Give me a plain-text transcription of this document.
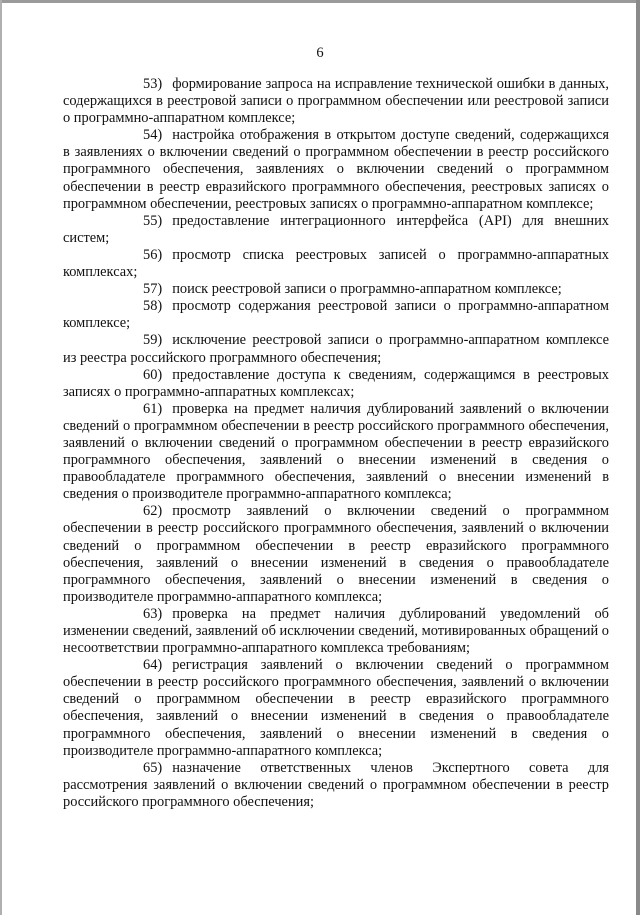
6

53) формирование запроса на исправление технической ошибки в данных, содержащихся в реестровой записи о программном обеспечении или реестровой записи о программно-аппаратном комплексе;

54) настройка отображения в открытом доступе сведений, содержащихся в заявлениях о включении сведений о программном обеспечении в реестр российского программного обеспечения, заявлениях о включении сведений о программном обеспечении в реестр евразийского программного обеспечения, реестровых записях о программном обеспечении, реестровых записях о программно-аппаратном комплексе;

55) предоставление интеграционного интерфейса (API) для внешних систем;

56) просмотр списка реестровых записей о программно-аппаратных комплексах;

57) поиск реестровой записи о программно-аппаратном комплексе;

58) просмотр содержания реестровой записи о программно-аппаратном комплексе;

59) исключение реестровой записи о программно-аппаратном комплексе из реестра российского программного обеспечения;

60) предоставление доступа к сведениям, содержащимся в реестровых записях о программно-аппаратных комплексах;

61) проверка на предмет наличия дублирований заявлений о включении сведений о программном обеспечении в реестр российского программного обеспечения, заявлений о включении сведений о программном обеспечении в реестр евразийского программного обеспечения, заявлений о внесении изменений в сведения о правообладателе программного обеспечения, заявлений о внесении изменений в сведения о производителе программно-аппаратного комплекса;

62) просмотр заявлений о включении сведений о программном обеспечении в реестр российского программного обеспечения, заявлений о включении сведений о программном обеспечении в реестр евразийского программного обеспечения, заявлений о внесении изменений в сведения о правообладателе программного обеспечения, заявлений о внесении изменений в сведения о производителе программно-аппаратного комплекса;

63) проверка на предмет наличия дублирований уведомлений об изменении сведений, заявлений об исключении сведений, мотивированных обращений о несоответствии программно-аппаратного комплекса требованиям;

64) регистрация заявлений о включении сведений о программном обеспечении в реестр российского программного обеспечения, заявлений о включении сведений о программном обеспечении в реестр евразийского программного обеспечения, заявлений о внесении изменений в сведения о правообладателе программного обеспечения, заявлений о внесении изменений в сведения о производителе программно-аппаратного комплекса;

65) назначение ответственных членов Экспертного совета для рассмотрения заявлений о включении сведений о программном обеспечении в реестр российского программного обеспечения;
